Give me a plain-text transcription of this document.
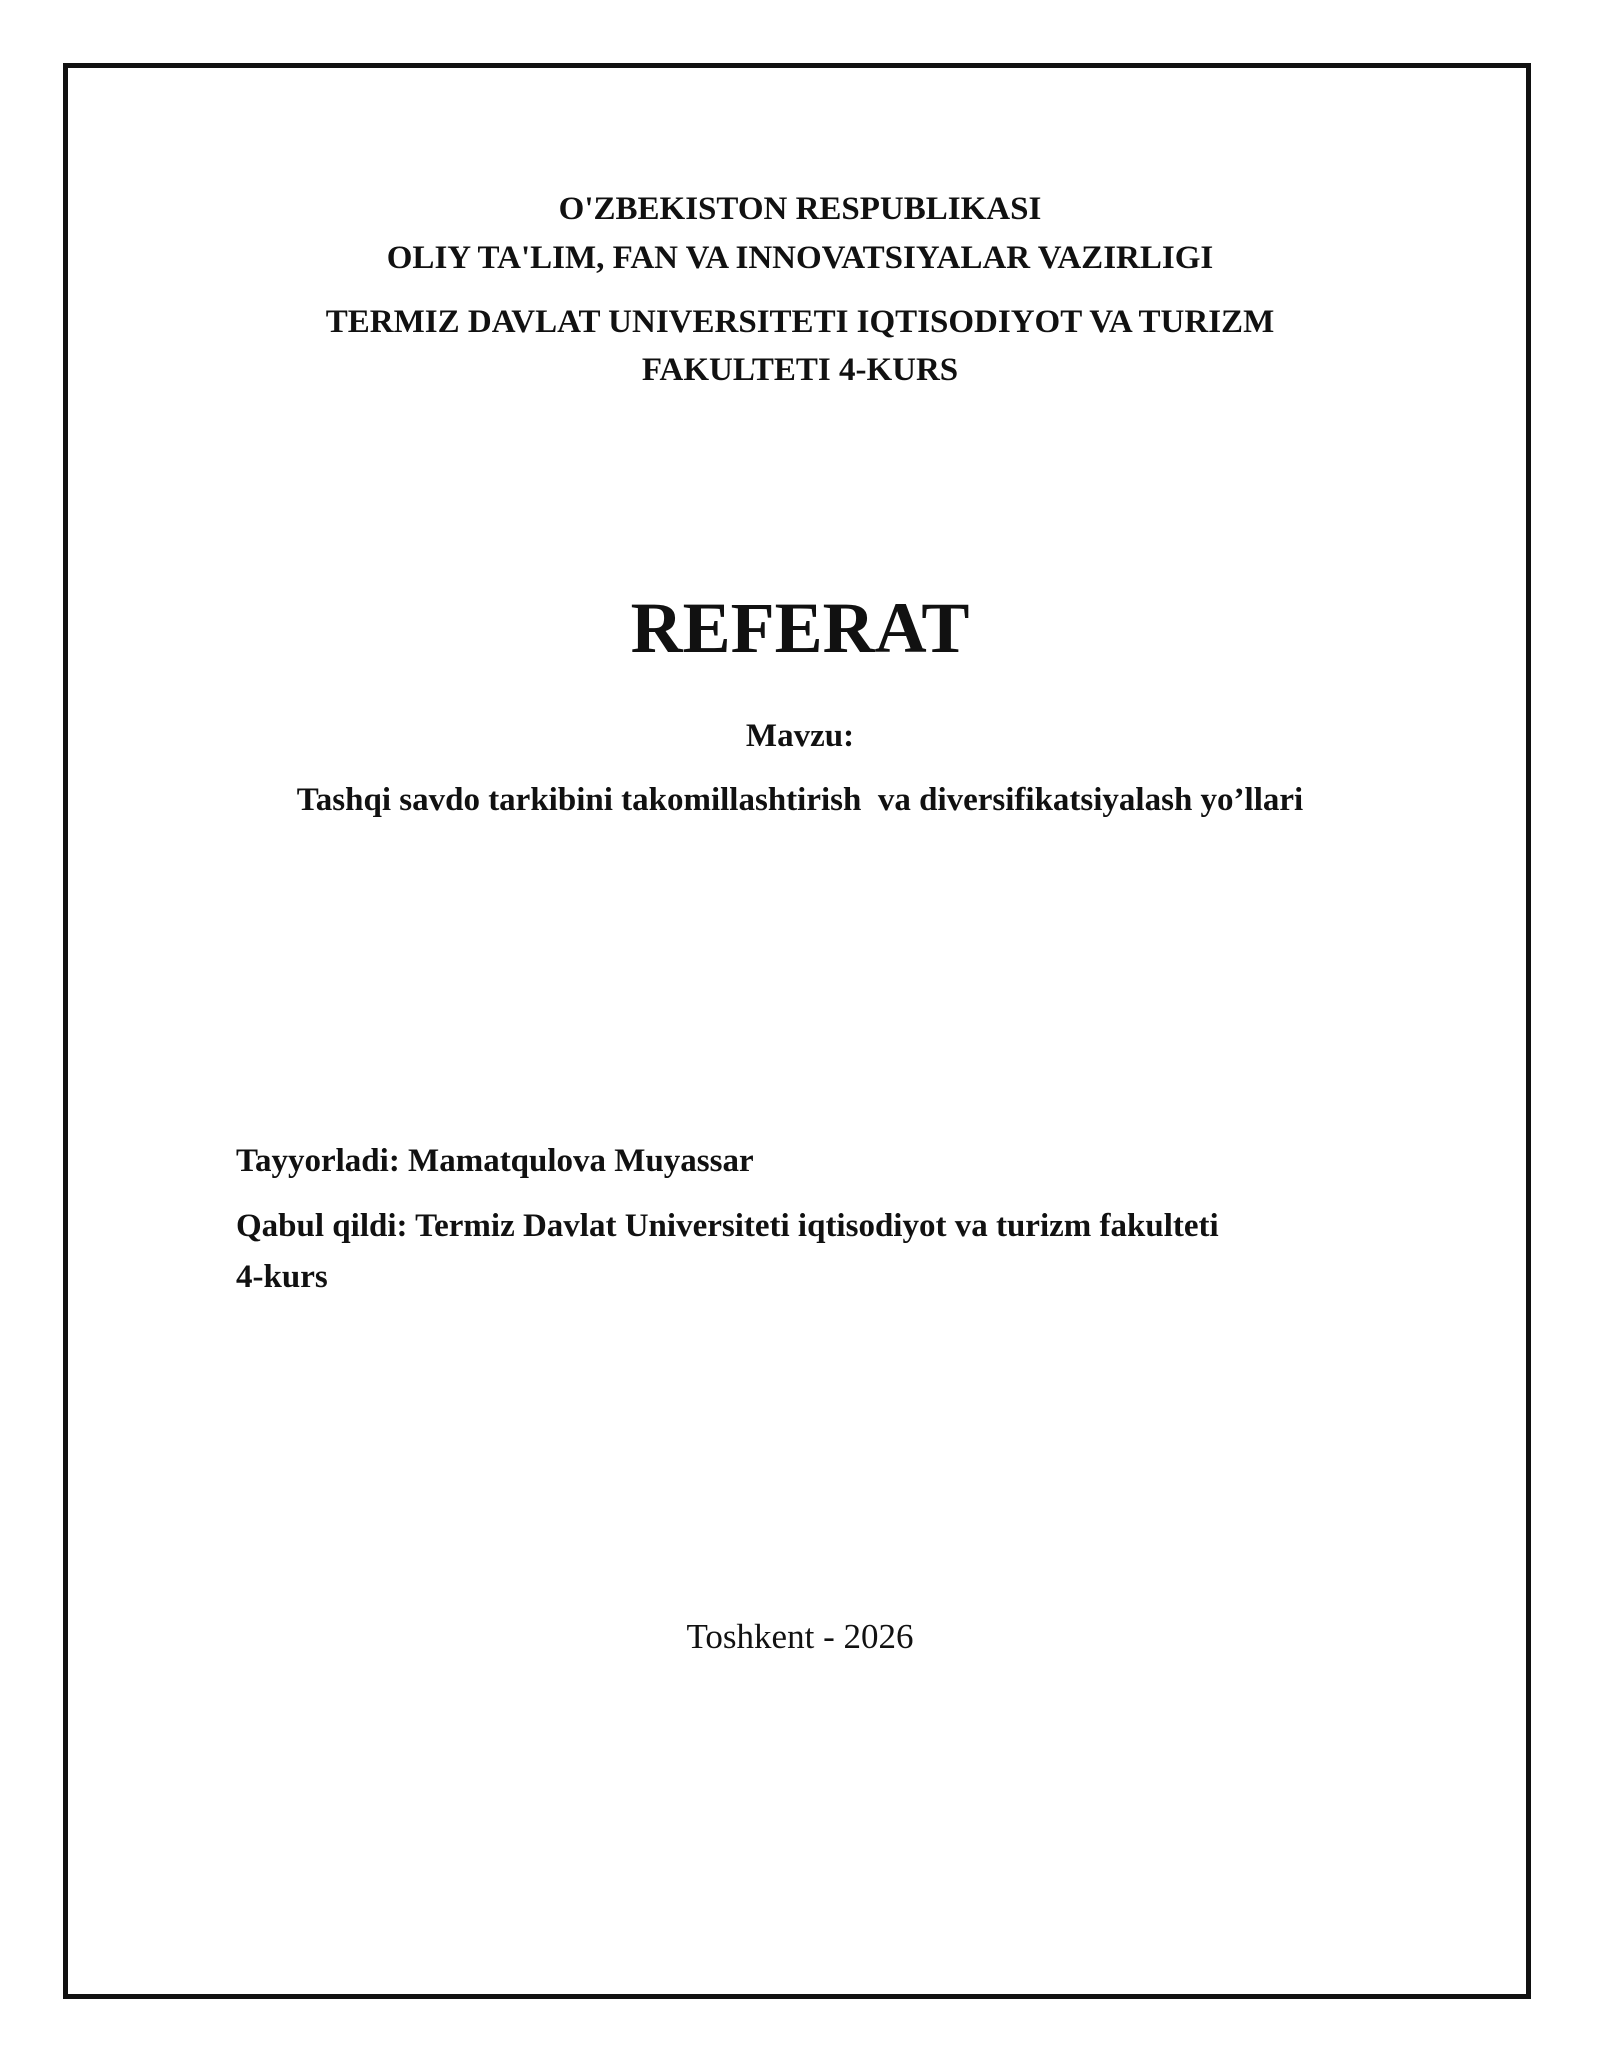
O'ZBEKISTON RESPUBLIKASI
OLIY TA'LIM, FAN VA INNOVATSIYALAR VAZIRLIGI
TERMIZ DAVLAT UNIVERSITETI IQTISODIYOT VA TURIZM
FAKULTETI 4-KURS
REFERAT
Mavzu:
Tashqi savdo tarkibini takomillashtirish  va diversifikatsiyalash yo’llari
Tayyorladi: Mamatqulova Muyassar
Qabul qildi: Termiz Davlat Universiteti iqtisodiyot va turizm fakulteti
4-kurs
Toshkent - 2026
